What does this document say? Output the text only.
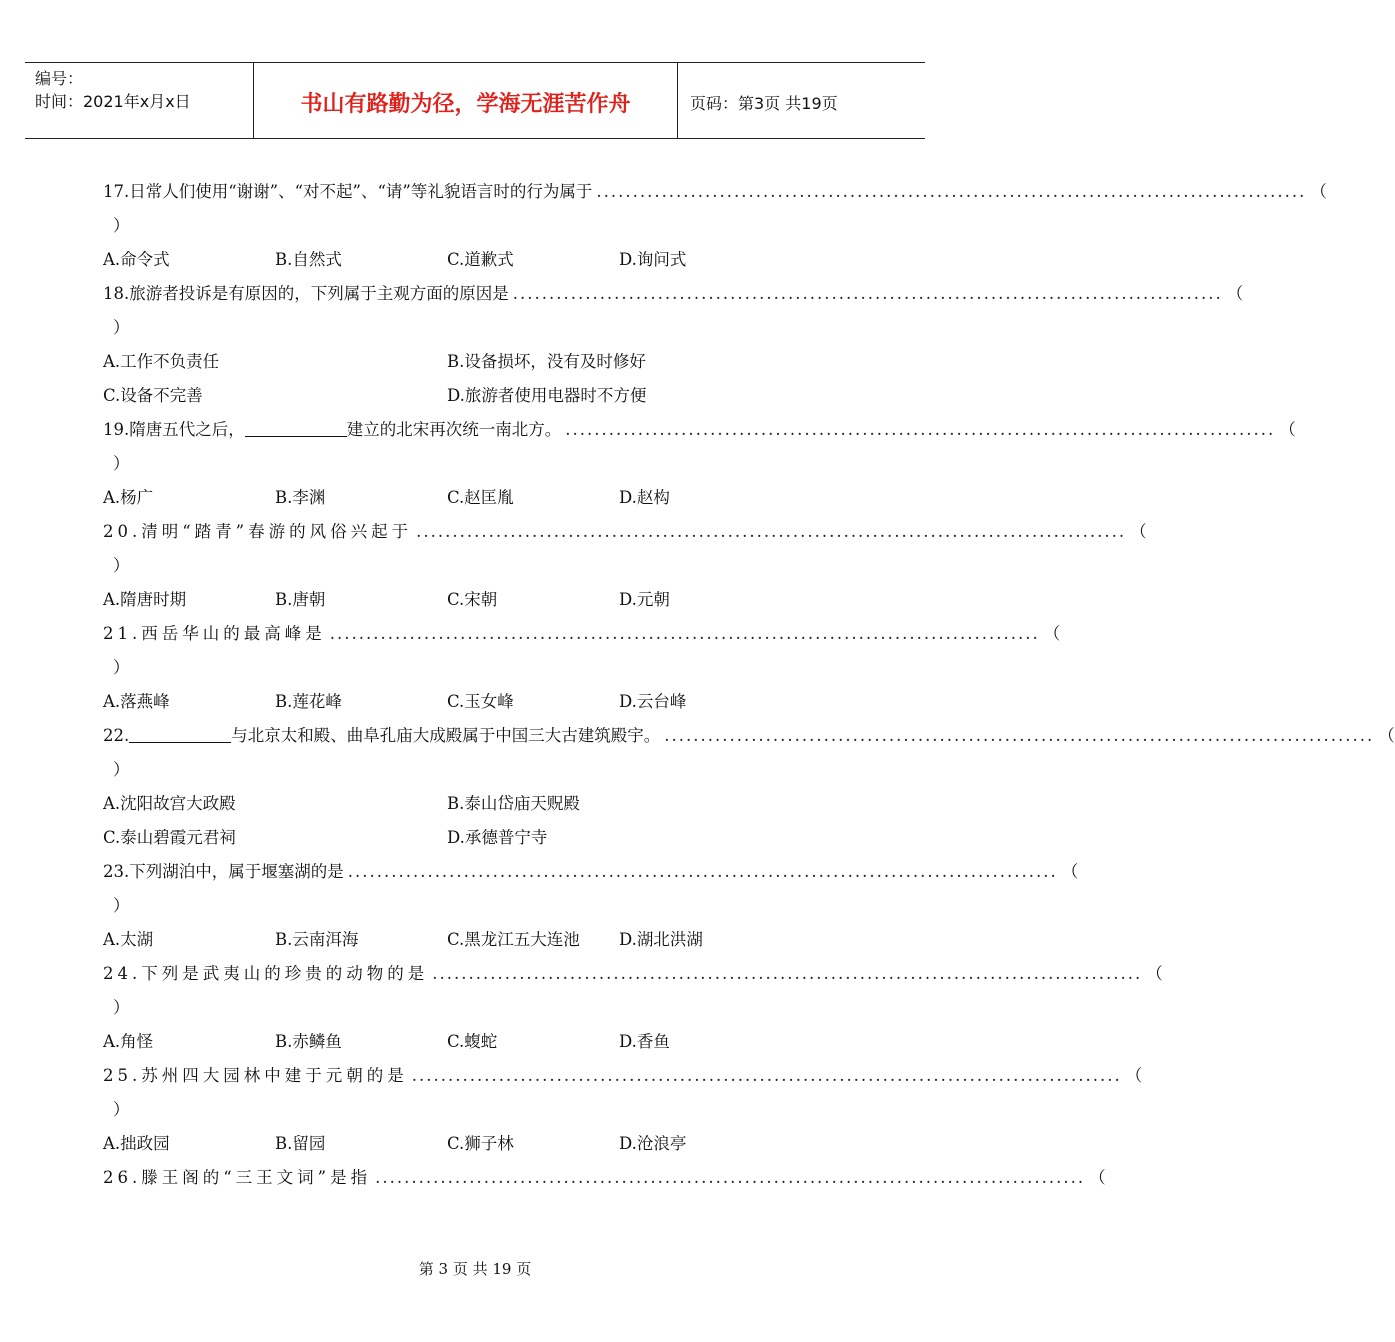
编号：
时间：2021年x月x日	书山有路勤为径，学海无涯苦作舟	页码：第3页 共19页
17.日常人们使用“谢谢”、“对不起”、“请”等礼貌语言时的行为属于 .................................................................................................. （
）
A.命令式	B.自然式	C.道歉式	D.询问式
18.旅游者投诉是有原因的，下列属于主观方面的原因是 .................................................................................................. （
）
A.工作不负责任	B.设备损坏，没有及时修好
C.设备不完善	D.旅游者使用电器时不方便
19.隋唐五代之后，	建立的北宋再次统一南北方。 .................................................................................................. （
）
A.杨广	B.李渊	C.赵匡胤	D.赵构
20.清明“踏青”春游的风俗兴起于 .................................................................................................. （
）
A.隋唐时期	B.唐朝	C.宋朝	D.元朝
21.西岳华山的最高峰是 .................................................................................................. （
）
A.落燕峰	B.莲花峰	C.玉女峰	D.云台峰
22.	与北京太和殿、曲阜孔庙大成殿属于中国三大古建筑殿宇。 .................................................................................................. （
）
A.沈阳故宫大政殿	B.泰山岱庙天贶殿
C.泰山碧霞元君祠	D.承德普宁寺
23.下列湖泊中，属于堰塞湖的是 .................................................................................................. （
）
A.太湖	B.云南洱海	C.黑龙江五大连池 D.湖北洪湖
24.下列是武夷山的珍贵的动物的是 .................................................................................................. （
）
A.角怪	B.赤鳞鱼	C.蝮蛇	D.香鱼
25.苏州四大园林中建于元朝的是 .................................................................................................. （
）
A.拙政园	B.留园	C.狮子林	D.沧浪亭
26.滕王阁的“三王文词”是指 .................................................................................................. （
第 3 页 共 19 页
